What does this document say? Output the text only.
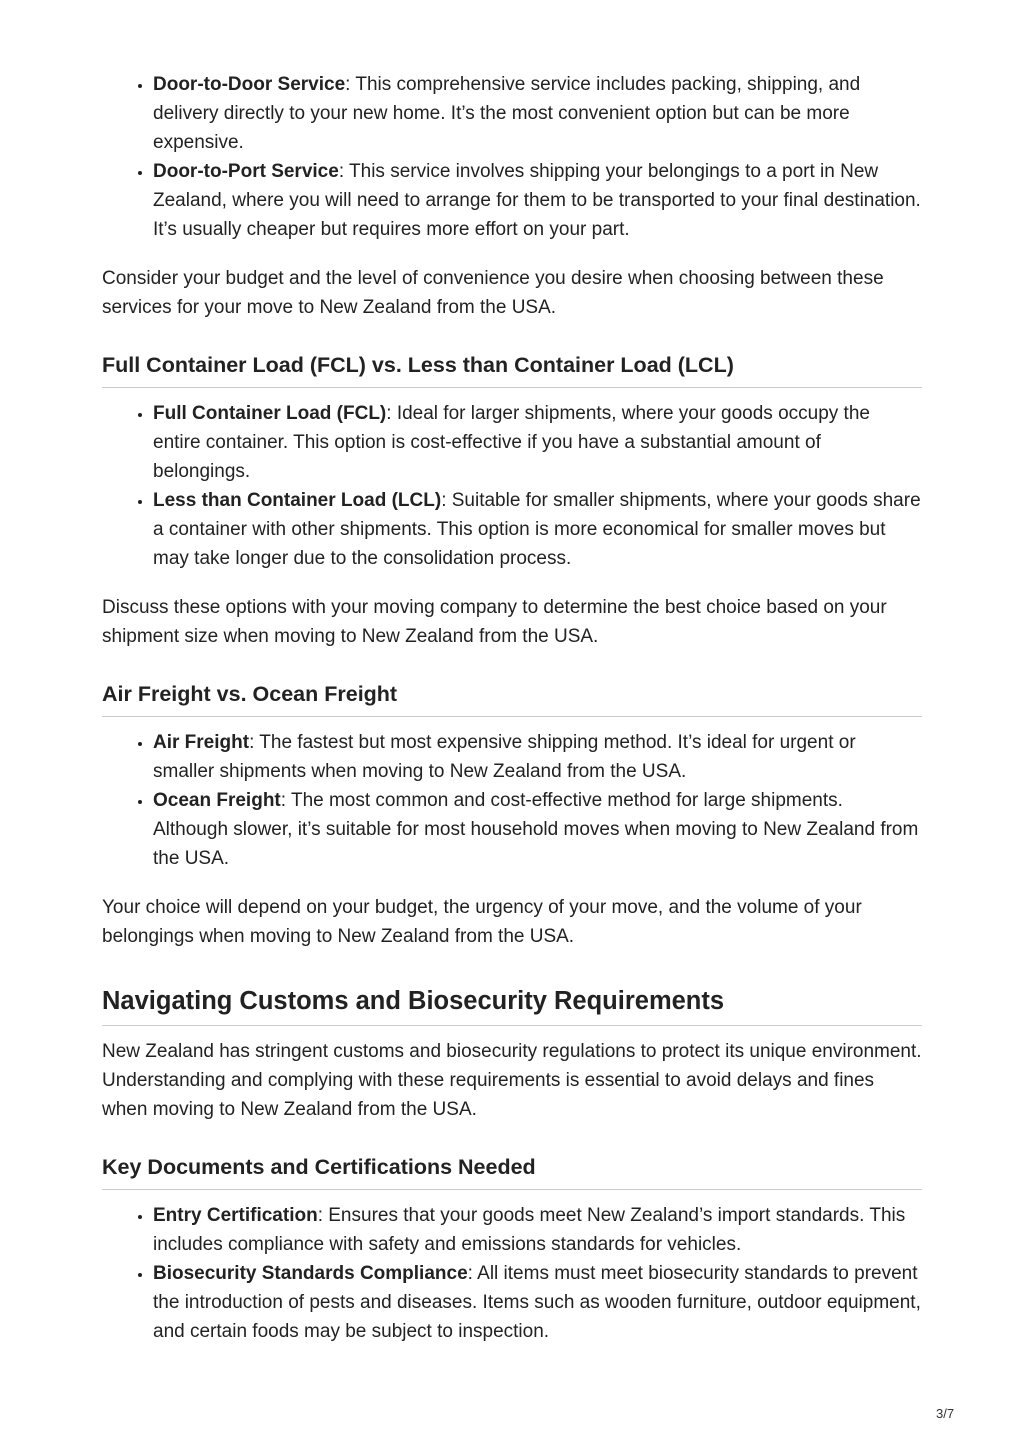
• Door-to-Door Service: This comprehensive service includes packing, shipping, and delivery directly to your new home. It’s the most convenient option but can be more expensive.
• Door-to-Port Service: This service involves shipping your belongings to a port in New Zealand, where you will need to arrange for them to be transported to your final destination. It’s usually cheaper but requires more effort on your part.

Consider your budget and the level of convenience you desire when choosing between these services for your move to New Zealand from the USA.

Full Container Load (FCL) vs. Less than Container Load (LCL)
• Full Container Load (FCL): Ideal for larger shipments, where your goods occupy the entire container. This option is cost-effective if you have a substantial amount of belongings.
• Less than Container Load (LCL): Suitable for smaller shipments, where your goods share a container with other shipments. This option is more economical for smaller moves but may take longer due to the consolidation process.

Discuss these options with your moving company to determine the best choice based on your shipment size when moving to New Zealand from the USA.

Air Freight vs. Ocean Freight
• Air Freight: The fastest but most expensive shipping method. It’s ideal for urgent or smaller shipments when moving to New Zealand from the USA.
• Ocean Freight: The most common and cost-effective method for large shipments. Although slower, it’s suitable for most household moves when moving to New Zealand from the USA.

Your choice will depend on your budget, the urgency of your move, and the volume of your belongings when moving to New Zealand from the USA.

Navigating Customs and Biosecurity Requirements

New Zealand has stringent customs and biosecurity regulations to protect its unique environment. Understanding and complying with these requirements is essential to avoid delays and fines when moving to New Zealand from the USA.

Key Documents and Certifications Needed
• Entry Certification: Ensures that your goods meet New Zealand’s import standards. This includes compliance with safety and emissions standards for vehicles.
• Biosecurity Standards Compliance: All items must meet biosecurity standards to prevent the introduction of pests and diseases. Items such as wooden furniture, outdoor equipment, and certain foods may be subject to inspection.
3/7
